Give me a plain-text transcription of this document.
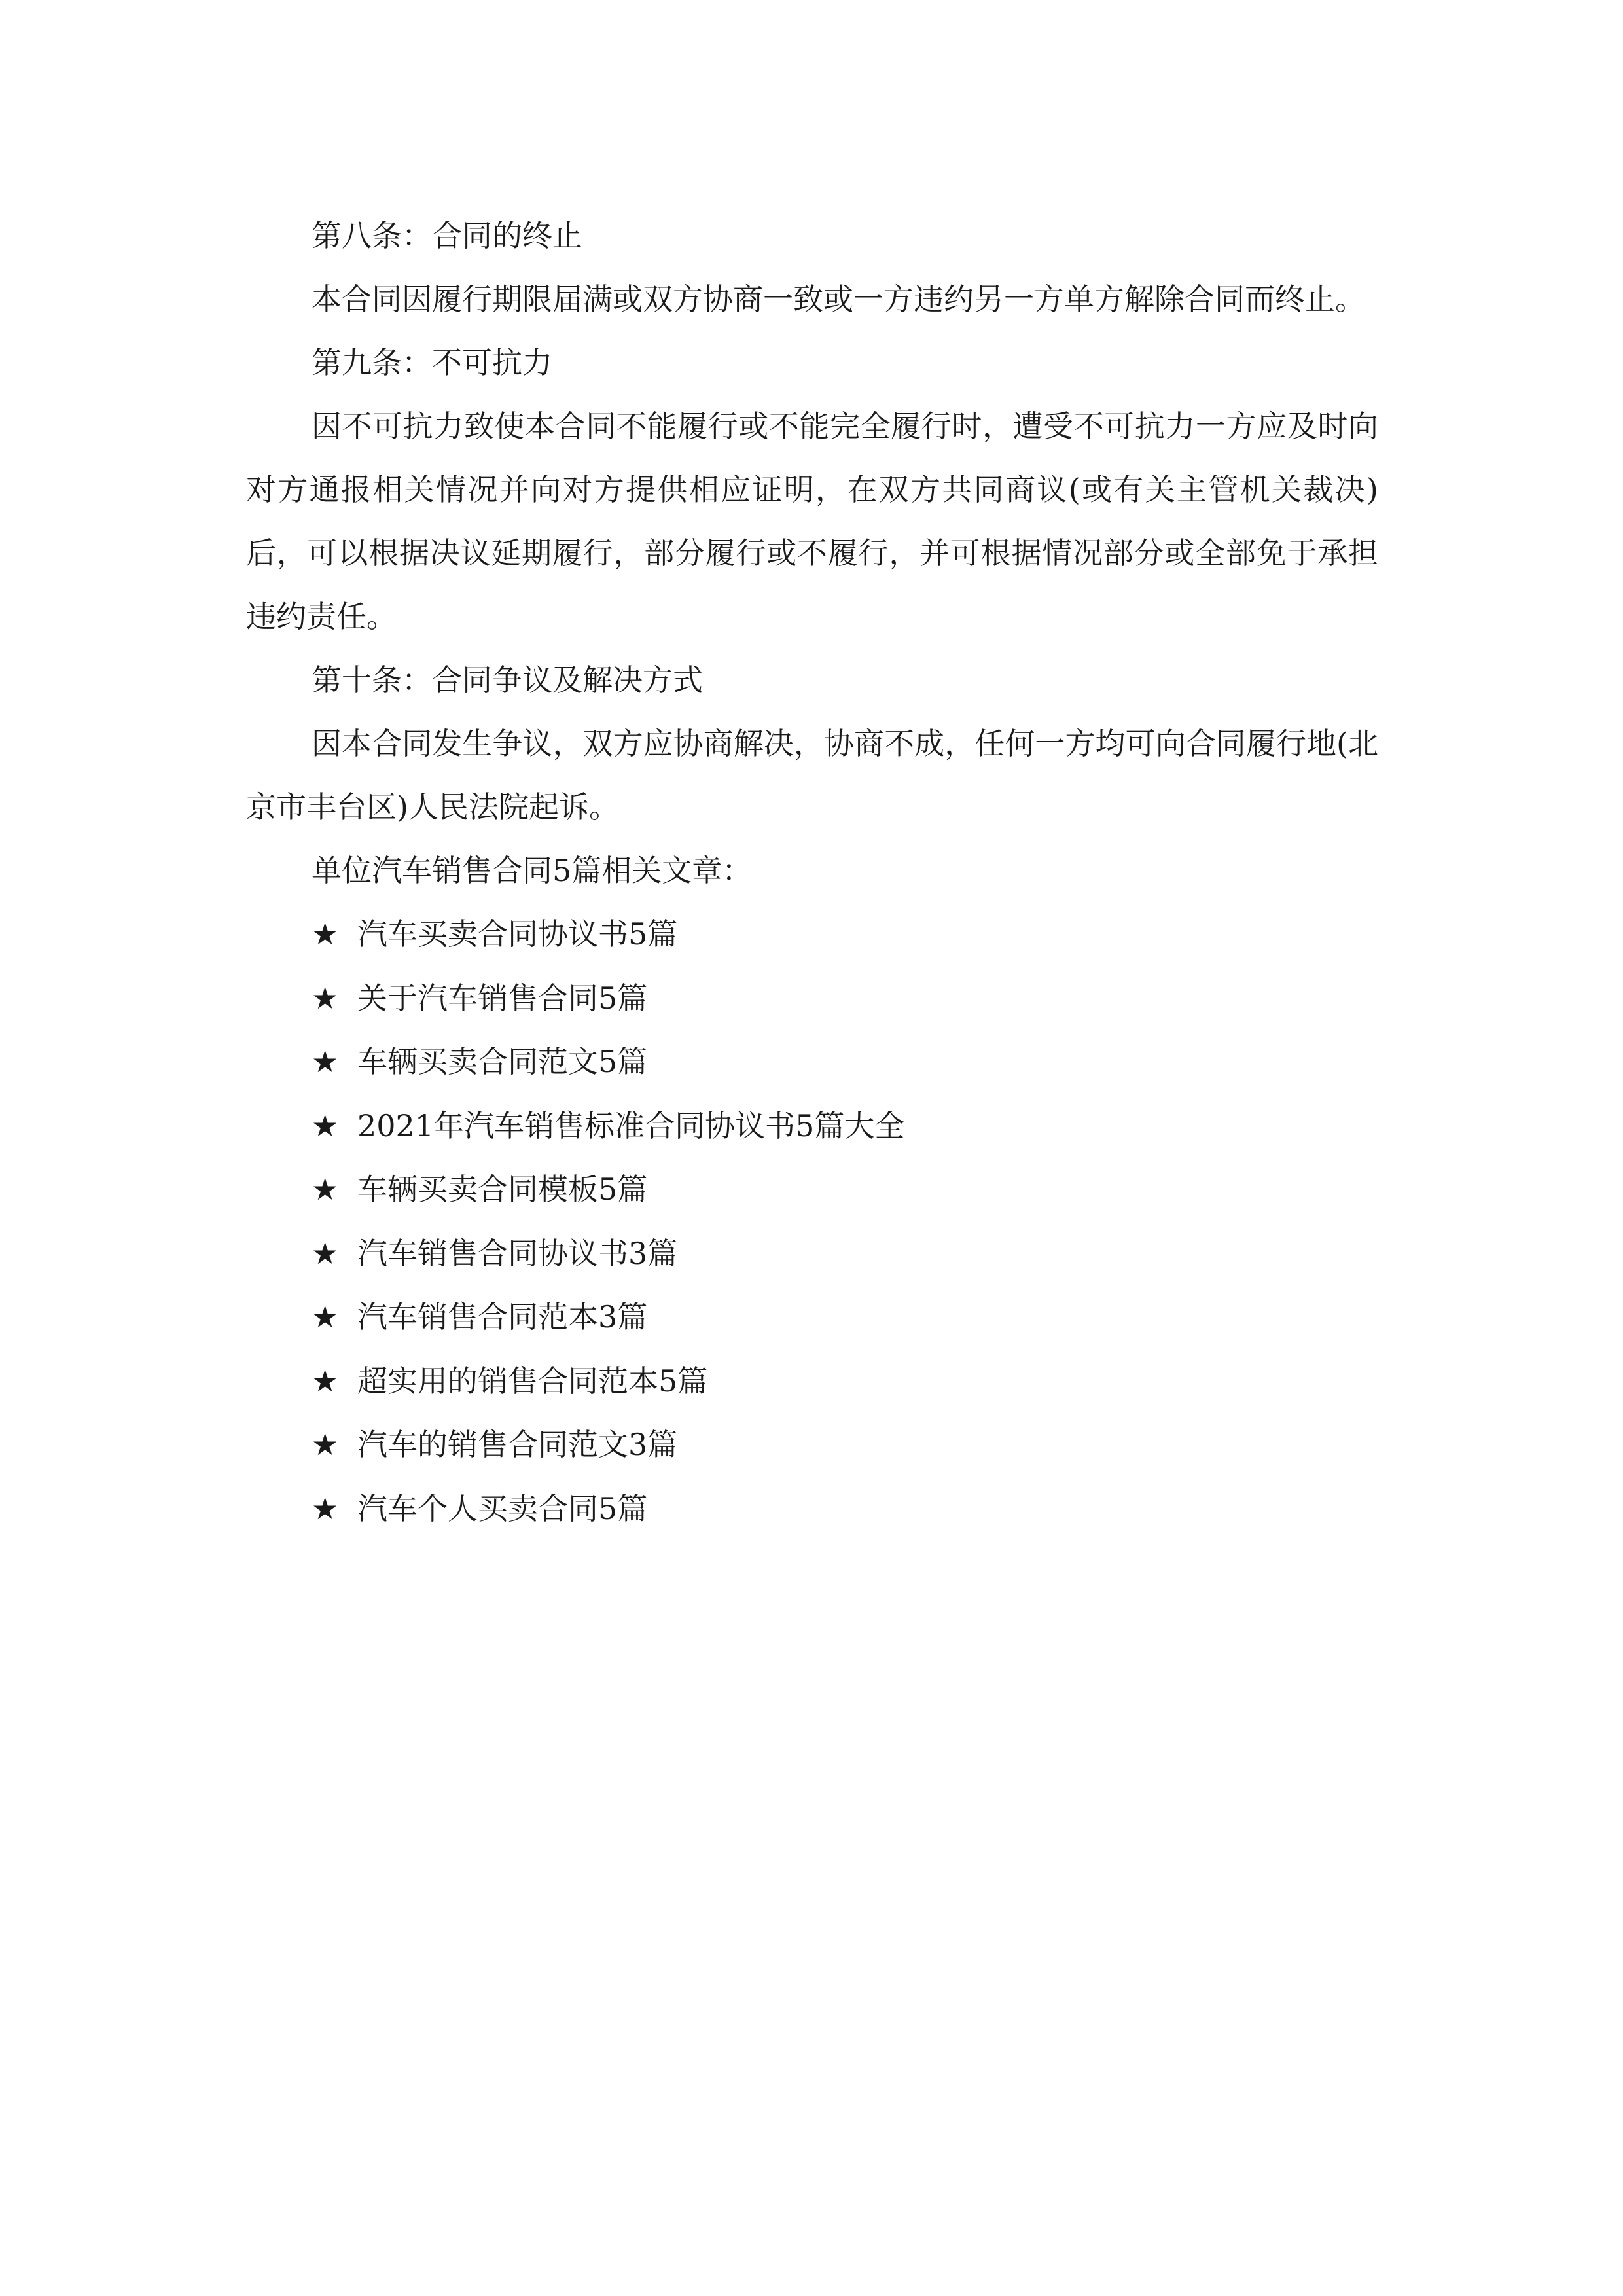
第八条：合同的终止

本合同因履行期限届满或双方协商一致或一方违约另一方单方解除合同而终止。

第九条：不可抗力

因不可抗力致使本合同不能履行或不能完全履行时，遭受不可抗力一方应及时向对方通报相关情况并向对方提供相应证明，在双方共同商议(或有关主管机关裁决)后，可以根据决议延期履行，部分履行或不履行，并可根据情况部分或全部免于承担违约责任。

第十条：合同争议及解决方式

因本合同发生争议，双方应协商解决，协商不成，任何一方均可向合同履行地(北京市丰台区)人民法院起诉。

单位汽车销售合同5篇相关文章：

★ 汽车买卖合同协议书5篇
★ 关于汽车销售合同5篇
★ 车辆买卖合同范文5篇
★ 2021年汽车销售标准合同协议书5篇大全
★ 车辆买卖合同模板5篇
★ 汽车销售合同协议书3篇
★ 汽车销售合同范本3篇
★ 超实用的销售合同范本5篇
★ 汽车的销售合同范文3篇
★ 汽车个人买卖合同5篇
